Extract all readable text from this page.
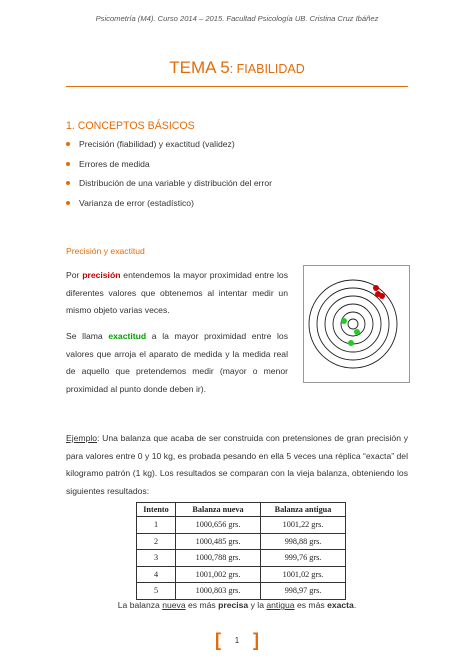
Psicometría (M4). Curso 2014 – 2015. Facultad Psicología UB. Cristina Cruz Ibáñez
TEMA 5: FIABILIDAD
1. CONCEPTOS BÁSICOS
Precisión (fiabilidad) y exactitud (validez)
Errores de medida
Distribución de una variable y distribución del error
Varianza de error (estadístico)
Precisión y exactitud
Por precisión entendemos la mayor proximidad entre los diferentes valores que obtenemos al intentar medir un mismo objeto varias veces.
Se llama exactitud a la mayor proximidad entre los valores que arroja el aparato de medida y la medida real de aquello que pretendemos medir (mayor o menor proximidad al punto donde deben ir).
Ejemplo: Una balanza que acaba de ser construida con pretensiones de gran precisión y para valores entre 0 y 10 kg, es probada pesando en ella 5 veces una réplica “exacta” del kilogramo patrón (1 kg). Los resultados se comparan con la vieja balanza, obteniendo los siguientes resultados:
Intento	Balanza nueva	Balanza antigua
1	1000,656 grs.	1001,22 grs.
2	1000,485 grs.	998,88 grs.
3	1000,788 grs.	999,76 grs.
4	1001,002 grs.	1001,02 grs.
5	1000,803 grs.	998,97 grs.
La balanza nueva es más precisa y la antigua es más exacta.
[	1 ]
